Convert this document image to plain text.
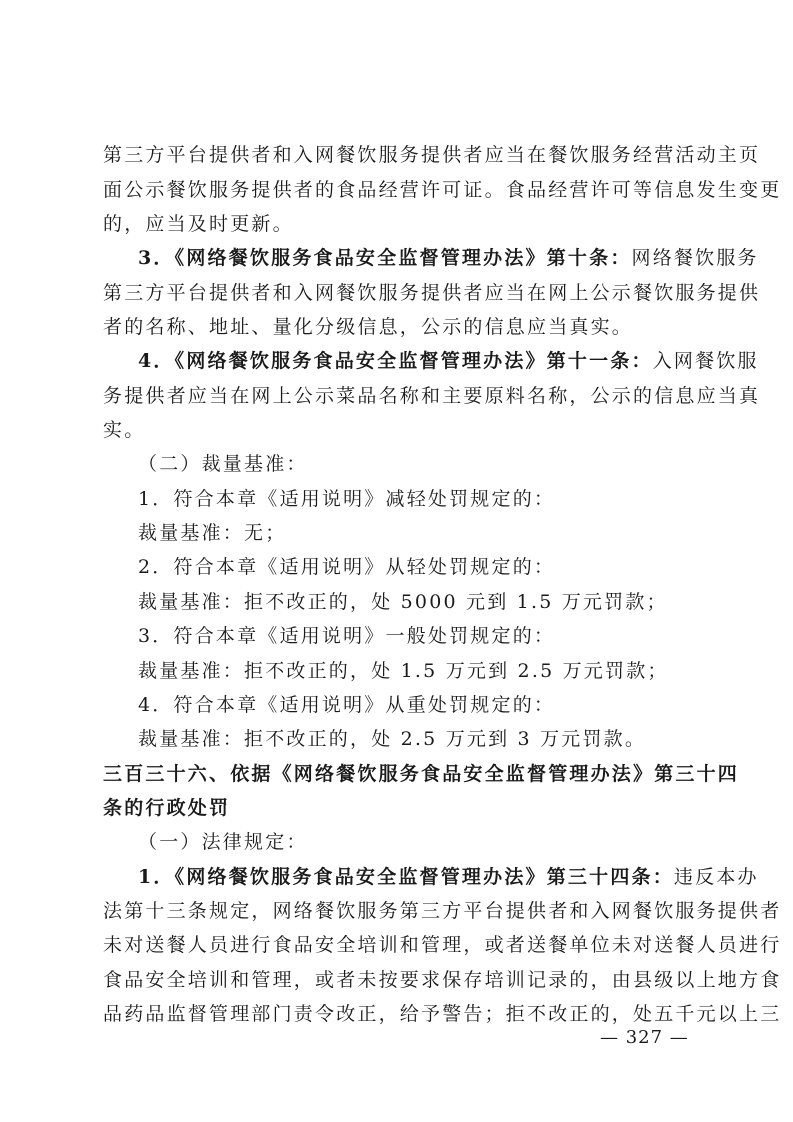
第三方平台提供者和入网餐饮服务提供者应当在餐饮服务经营活动主页
面公示餐饮服务提供者的食品经营许可证。食品经营许可等信息发生变更
的，应当及时更新。
3．《网络餐饮服务食品安全监督管理办法》第十条：网络餐饮服务
第三方平台提供者和入网餐饮服务提供者应当在网上公示餐饮服务提供
者的名称、地址、量化分级信息，公示的信息应当真实。
4．《网络餐饮服务食品安全监督管理办法》第十一条：入网餐饮服
务提供者应当在网上公示菜品名称和主要原料名称，公示的信息应当真
实。
（二）裁量基准：
1．符合本章《适用说明》减轻处罚规定的：
裁量基准：无；
2．符合本章《适用说明》从轻处罚规定的：
裁量基准：拒不改正的，处 5000 元到 1.5 万元罚款；
3．符合本章《适用说明》一般处罚规定的：
裁量基准：拒不改正的，处 1.5 万元到 2.5 万元罚款；
4．符合本章《适用说明》从重处罚规定的：
裁量基准：拒不改正的，处 2.5 万元到 3 万元罚款。
三百三十六、依据《网络餐饮服务食品安全监督管理办法》第三十四
条的行政处罚
（一）法律规定：
1．《网络餐饮服务食品安全监督管理办法》第三十四条：违反本办
法第十三条规定，网络餐饮服务第三方平台提供者和入网餐饮服务提供者
未对送餐人员进行食品安全培训和管理，或者送餐单位未对送餐人员进行
食品安全培训和管理，或者未按要求保存培训记录的，由县级以上地方食
品药品监督管理部门责令改正，给予警告；拒不改正的，处五千元以上三
— 327 —
